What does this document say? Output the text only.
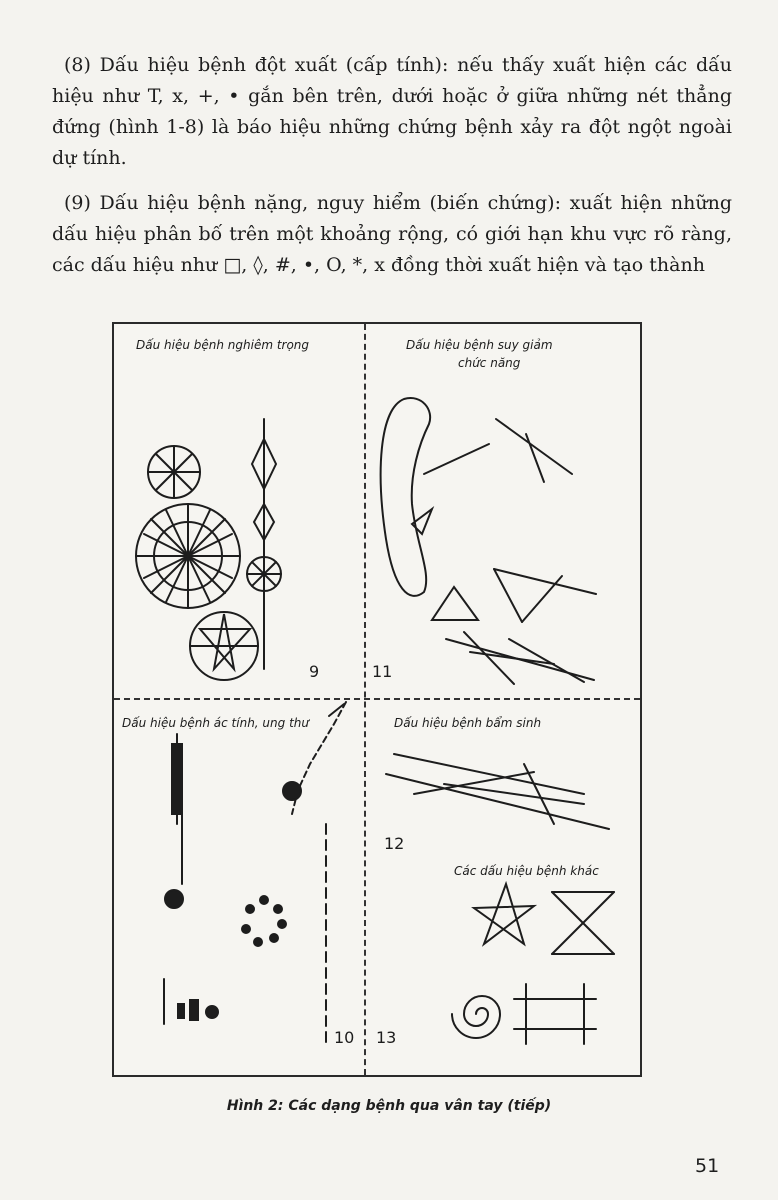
(8) Dấu hiệu bệnh đột xuất (cấp tính): nếu thấy xuất hiện các dấu hiệu như T, x, +, • gắn bên trên, dưới hoặc ở giữa những nét thẳng đứng (hình 1-8) là báo hiệu những chứng bệnh xảy ra đột ngột ngoài dự tính.

(9) Dấu hiệu bệnh nặng, nguy hiểm (biến chứng): xuất hiện những dấu hiệu phân bố trên một khoảng rộng, có giới hạn khu vực rõ ràng, các dấu hiệu như □, ◊, #, •, O, *, x đồng thời xuất hiện và tạo thành

Dấu hiệu bệnh nghiêm trọng	Dấu hiệu bệnh suy giảm
chức năng
Dấu hiệu bệnh ác tính, ung thư	Dấu hiệu bệnh bẩm sinh
Các dấu hiệu bệnh khác
9	11
12
10 13
Hình 2: Các dạng bệnh qua vân tay (tiếp)
51
